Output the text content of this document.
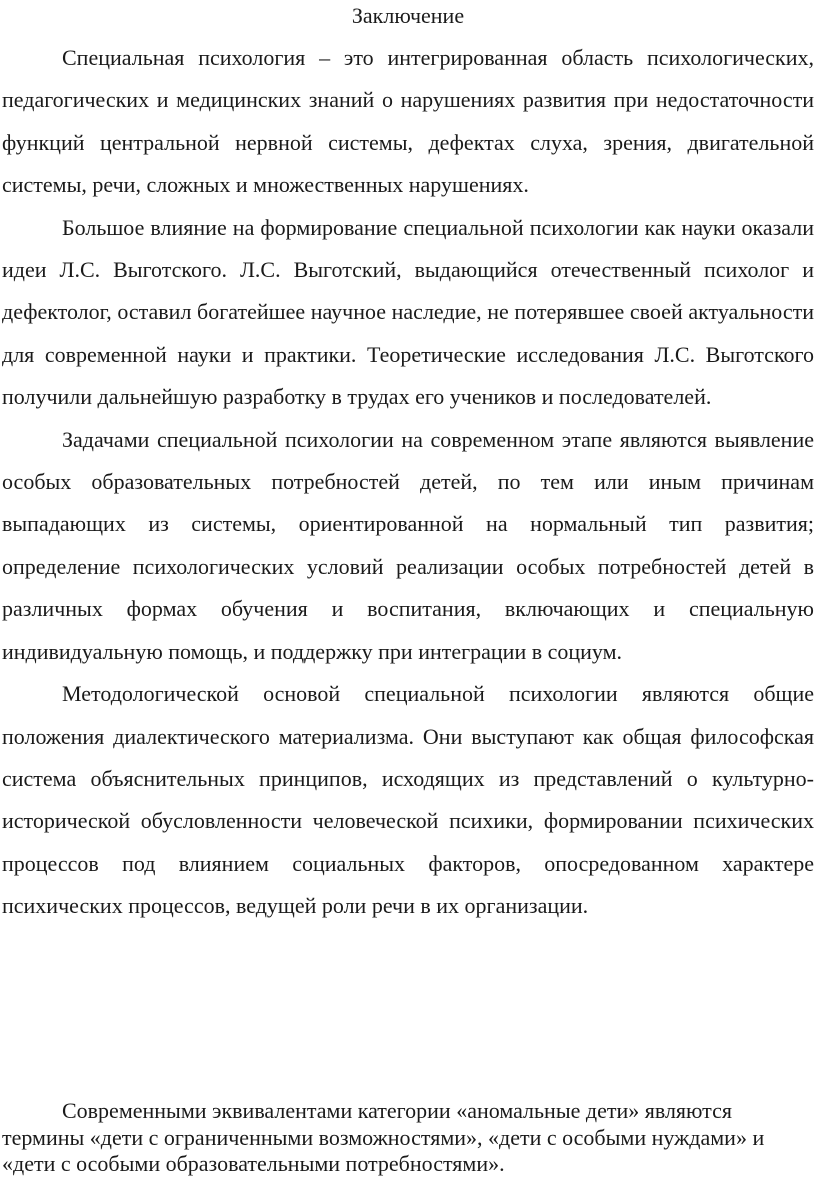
Заключение

Специальная психология – это интегрированная область психологических, педагогических и медицинских знаний о нарушениях развития при недостаточности функций центральной нервной системы, дефектах слуха, зрения, двигательной системы, речи, сложных и множественных нарушениях.

Большое влияние на формирование специальной психологии как науки оказали идеи Л.С. Выготского. Л.С. Выготский, выдающийся отечественный психолог и дефектолог, оставил богатейшее научное наследие, не потерявшее своей актуальности для современной науки и практики. Теоретические исследования Л.С. Выготского получили дальнейшую разработку в трудах его учеников и последователей.

Задачами специальной психологии на современном этапе являются выявление особых образовательных потребностей детей, по тем или иным причинам выпадающих из системы, ориентированной на нормальный тип развития; определение психологических условий реализации особых потребностей детей в различных формах обучения и воспитания, включающих и специальную индивидуальную помощь, и поддержку при интеграции в социум.

Методологической основой специальной психологии являются общие положения диалектического материализма. Они выступают как общая философская система объяснительных принципов, исходящих из представлений о культурно-исторической обусловленности человеческой психики, формировании психических процессов под влиянием социальных факторов, опосредованном характере психических процессов, ведущей роли речи в их организации.

Современными эквивалентами категории «аномальные дети» являются термины «дети с ограниченными возможностями», «дети с особыми нуждами» и «дети с особыми образовательными потребностями».
